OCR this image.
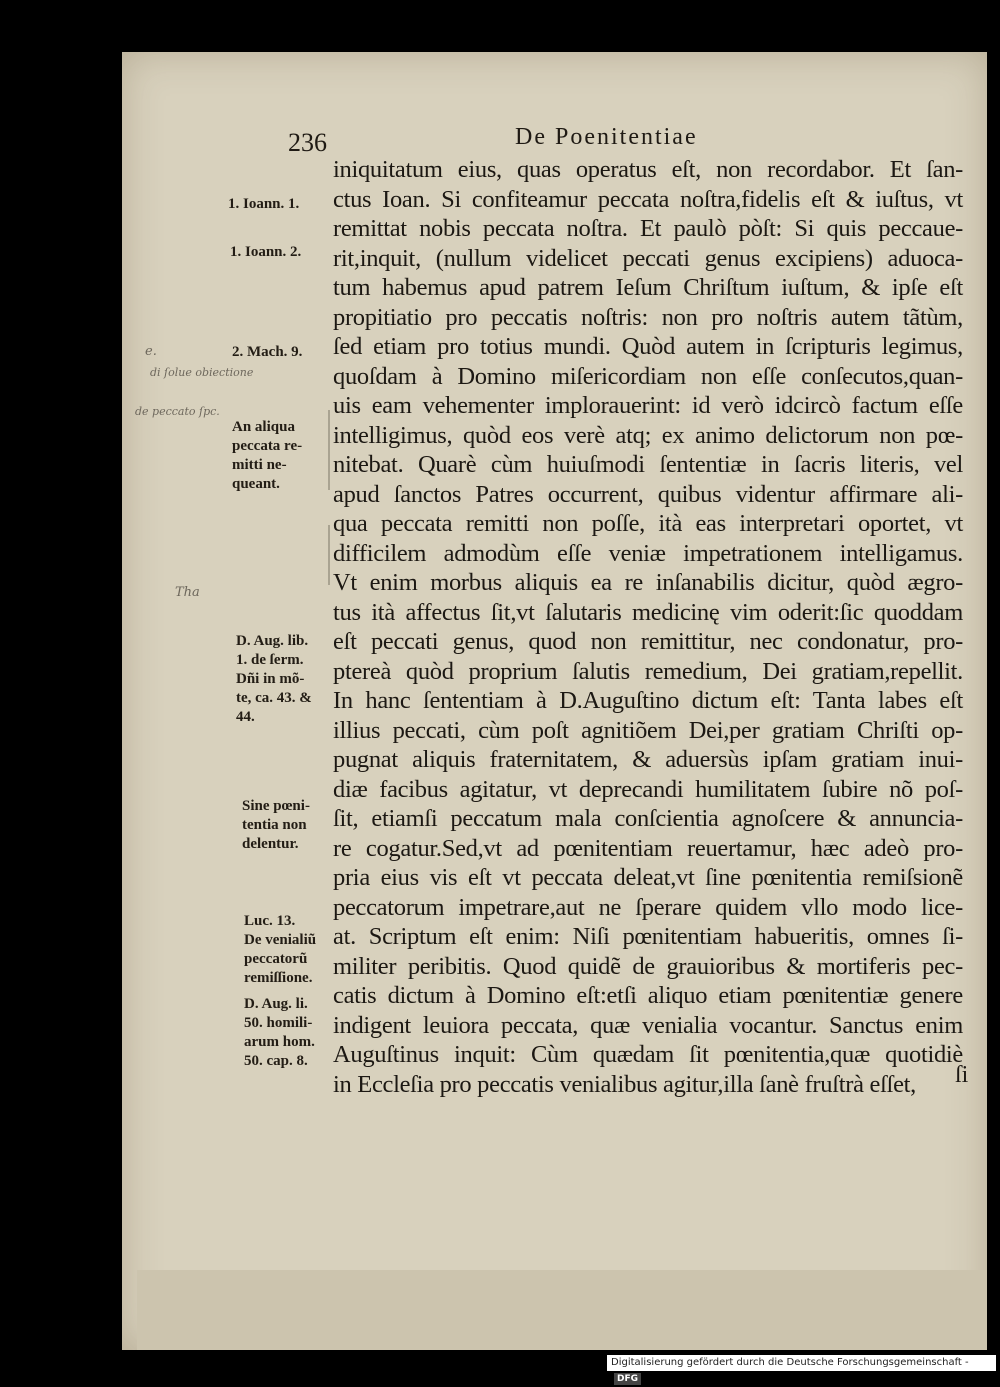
236	De Poenitentiae
iniquitatum eius, quas operatus eſt, non recordabor. Et ſan-
ctus Ioan. Si confiteamur peccata noſtra,fidelis eſt & iuſtus, vt
remittat nobis peccata noſtra. Et paulò pòſt: Si quis peccaue-
rit,inquit, (nullum videlicet peccati genus excipiens) aduoca-
tum habemus apud patrem Ieſum Chriſtum iuſtum, & ipſe eſt
propitiatio pro peccatis noſtris: non pro noſtris autem tãtùm,
ſed etiam pro totius mundi. Quòd autem in ſcripturis legimus,
quoſdam à Domino miſericordiam non eſſe conſecutos,quan-
uis eam vehementer implorauerint: id verò idcircò factum eſſe
intelligimus, quòd eos verè atq; ex animo delictorum non pœ-
nitebat. Quarè cùm huiuſmodi ſententiæ in ſacris literis, vel
apud ſanctos Patres occurrent, quibus videntur affirmare ali-
qua peccata remitti non poſſe, ità eas interpretari oportet, vt
difficilem admodùm eſſe veniæ impetrationem intelligamus.
Vt enim morbus aliquis ea re inſanabilis dicitur, quòd ægro-
tus ità affectus ſit,vt ſalutaris medicinę vim oderit:ſic quoddam
eſt peccati genus, quod non remittitur, nec condonatur, pro-
ptereà quòd proprium ſalutis remedium, Dei gratiam,repellit.
In hanc ſententiam à D.Auguſtino dictum eſt: Tanta labes eſt
illius peccati, cùm poſt agnitiõem Dei,per gratiam Chriſti op-
pugnat aliquis fraternitatem, & aduersùs ipſam gratiam inui-
diæ facibus agitatur, vt deprecandi humilitatem ſubire nõ poſ-
ſit, etiamſi peccatum mala conſcientia agnoſcere & annuncia-
re cogatur.Sed,vt ad pœnitentiam reuertamur, hæc adeò pro-
pria eius vis eſt vt peccata deleat,vt ſine pœnitentia remiſsionẽ
peccatorum impetrare,aut ne ſperare quidem vllo modo lice-
at. Scriptum eſt enim: Niſi pœnitentiam habueritis, omnes ſi-
militer peribitis. Quod quidẽ de grauioribus & mortiferis pec-
catis dictum à Domino eſt:etſi aliquo etiam pœnitentiæ genere
indigent leuiora peccata, quæ venialia vocantur. Sanctus enim
Auguſtinus inquit: Cùm quædam ſit pœnitentia,quæ quotidiè
in Eccleſia pro peccatis venialibus agitur,illa ſanè fruſtrà eſſet,	ſi
1. Ioann. 1.
1. Ioann. 2.
2. Mach. 9.
An aliqua
peccata re-
mitti ne-
queant.
D. Aug. lib.
1. de ſerm.
Dñi in mõ-
te, ca. 43. &
44.
Sine pœni-
tentia non
delentur.
Luc. 13.
De venialiũ
peccatorũ
remiſſione.
D. Aug. li.
50. homili-
arum hom.
50. cap. 8.
e.
di ſolue obiectione
de peccato ſpc.
Tha
Digitalisierung gefördert durch die Deutsche Forschungsgemeinschaft -DFG
